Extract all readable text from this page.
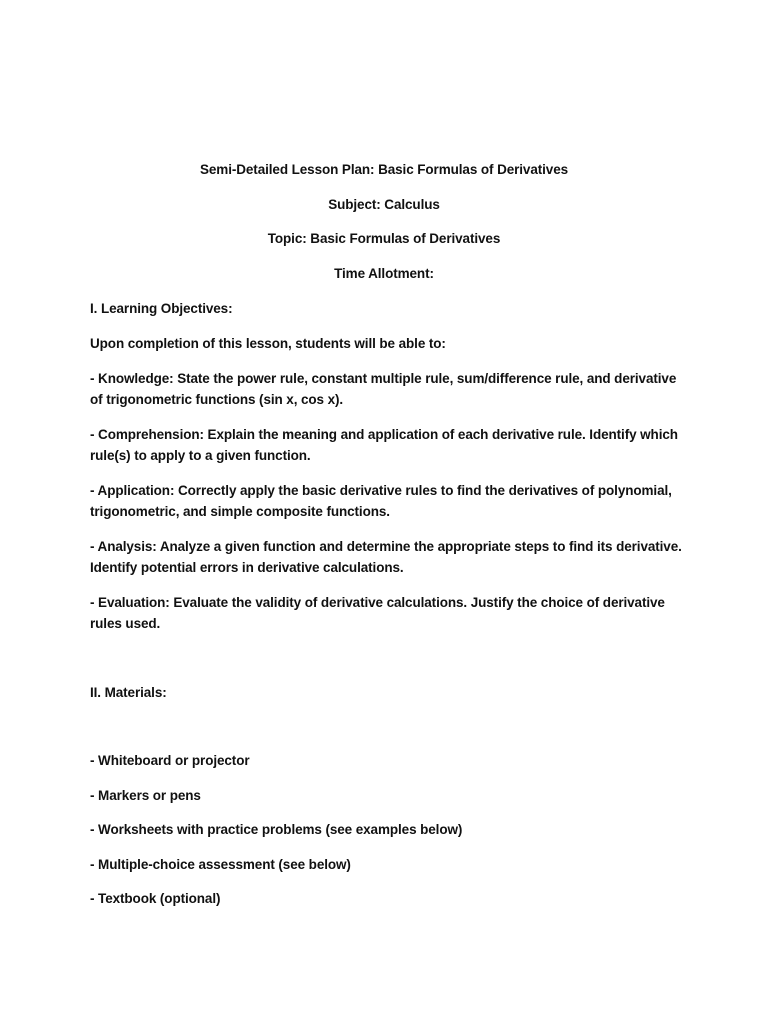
Semi-Detailed Lesson Plan: Basic Formulas of Derivatives
Subject: Calculus
Topic: Basic Formulas of Derivatives
Time Allotment:
I. Learning Objectives:
Upon completion of this lesson, students will be able to:
- Knowledge: State the power rule, constant multiple rule, sum/difference rule, and derivative of trigonometric functions (sin x, cos x).
- Comprehension: Explain the meaning and application of each derivative rule. Identify which rule(s) to apply to a given function.
- Application: Correctly apply the basic derivative rules to find the derivatives of polynomial, trigonometric, and simple composite functions.
- Analysis: Analyze a given function and determine the appropriate steps to find its derivative. Identify potential errors in derivative calculations.
- Evaluation: Evaluate the validity of derivative calculations. Justify the choice of derivative rules used.
II. Materials:
- Whiteboard or projector
- Markers or pens
- Worksheets with practice problems (see examples below)
- Multiple-choice assessment (see below)
- Textbook (optional)
